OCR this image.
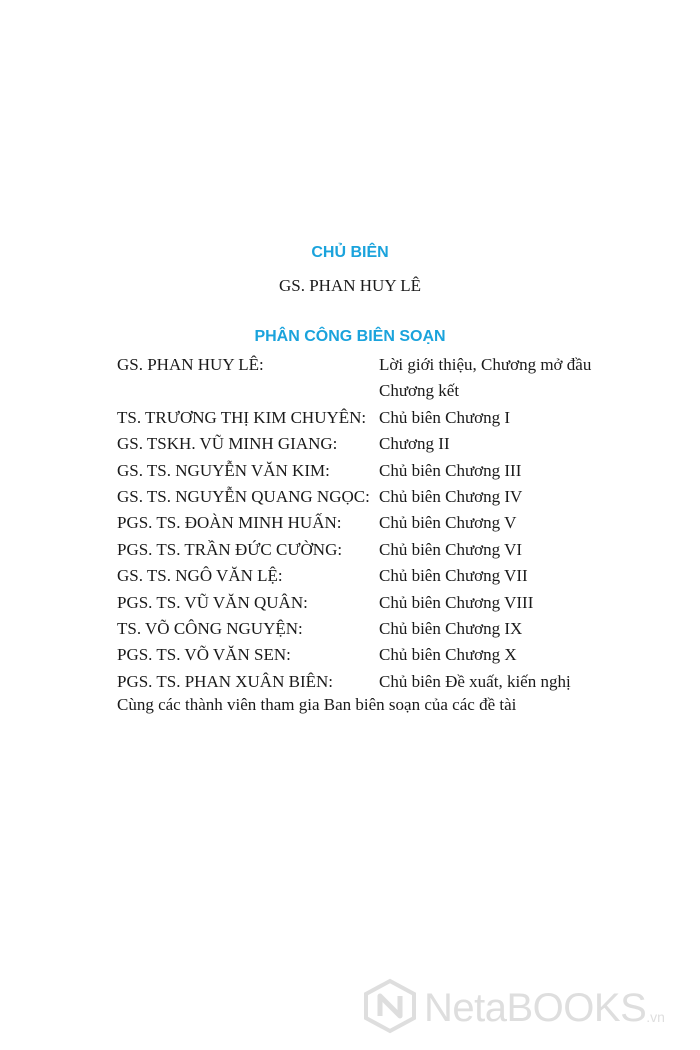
CHỦ BIÊN
GS. PHAN HUY LÊ
PHÂN CÔNG BIÊN SOẠN
GS. PHAN HUY LÊ:	Lời giới thiệu, Chương mở đầu
Chương kết
TS. TRƯƠNG THỊ KIM CHUYÊN: Chủ biên Chương I
GS. TSKH. VŨ MINH GIANG:	Chương II
GS. TS. NGUYỄN VĂN KIM:	Chủ biên Chương III
GS. TS. NGUYỄN QUANG NGỌC: Chủ biên Chương IV
PGS. TS. ĐOÀN MINH HUẤN:	Chủ biên Chương V
PGS. TS. TRẦN ĐỨC CƯỜNG:	Chủ biên Chương VI
GS. TS. NGÔ VĂN LỆ:	Chủ biên Chương VII
PGS. TS. VŨ VĂN QUÂN:	Chủ biên Chương VIII
TS. VÕ CÔNG NGUYỆN:	Chủ biên Chương IX
PGS. TS. VÕ VĂN SEN:	Chủ biên Chương X
PGS. TS. PHAN XUÂN BIÊN:	Chủ biên Đề xuất, kiến nghị
Cùng các thành viên tham gia Ban biên soạn của các đề tài
NetaBOOKS .vn
